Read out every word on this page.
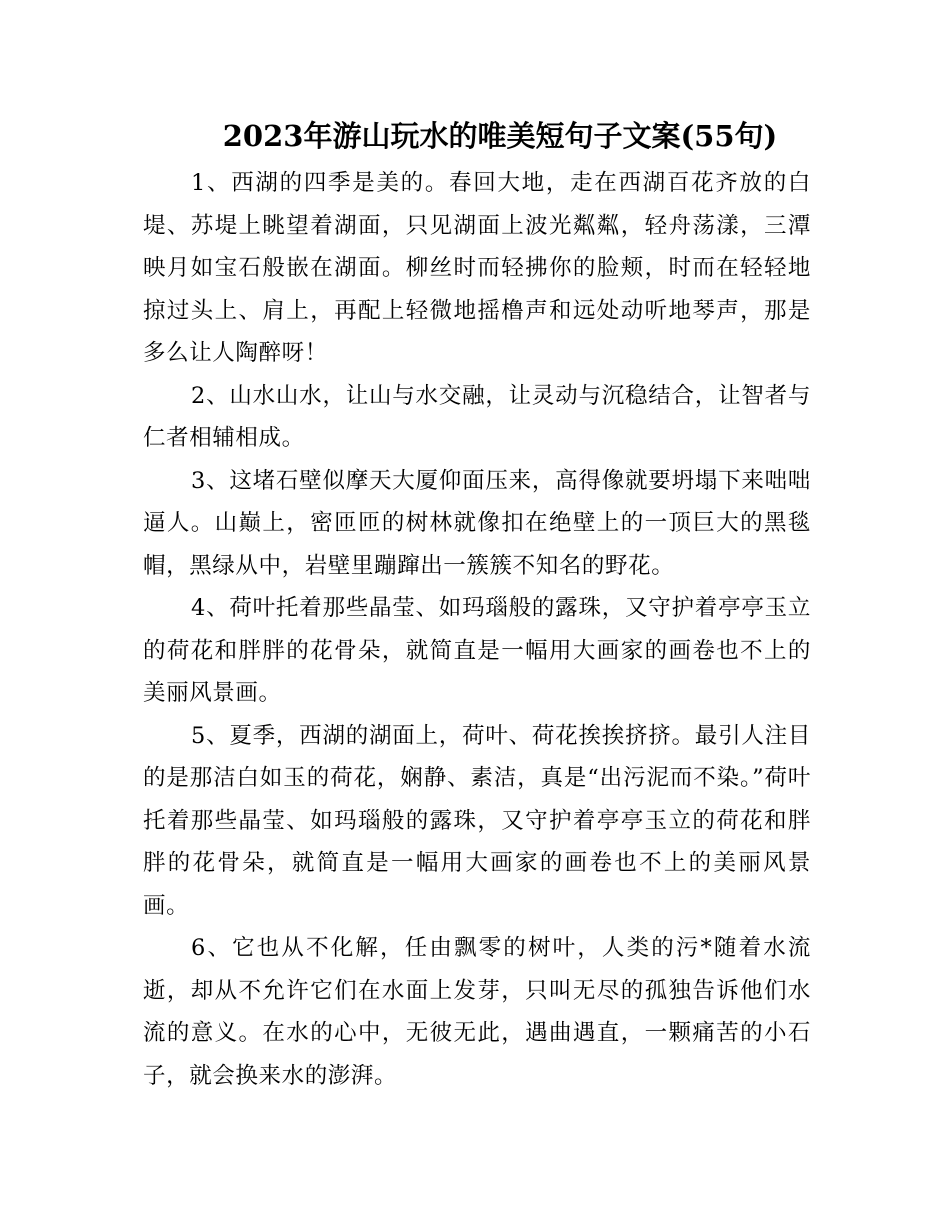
2023年游山玩水的唯美短句子文案(55句)

1、西湖的四季是美的。春回大地，走在西湖百花齐放的白堤、苏堤上眺望着湖面，只见湖面上波光粼粼，轻舟荡漾，三潭映月如宝石般嵌在湖面。柳丝时而轻拂你的脸颊，时而在轻轻地掠过头上、肩上，再配上轻微地摇橹声和远处动听地琴声，那是多么让人陶醉呀！

2、山水山水，让山与水交融，让灵动与沉稳结合，让智者与仁者相辅相成。

3、这堵石壁似摩天大厦仰面压来，高得像就要坍塌下来咄咄逼人。山巅上，密匝匝的树林就像扣在绝壁上的一顶巨大的黑毯帽，黑绿从中，岩壁里蹦蹿出一簇簇不知名的野花。

4、荷叶托着那些晶莹、如玛瑙般的露珠，又守护着亭亭玉立的荷花和胖胖的花骨朵，就简直是一幅用大画家的画卷也不上的美丽风景画。

5、夏季，西湖的湖面上，荷叶、荷花挨挨挤挤。最引人注目的是那洁白如玉的荷花，娴静、素洁，真是“出污泥而不染。”荷叶托着那些晶莹、如玛瑙般的露珠，又守护着亭亭玉立的荷花和胖胖的花骨朵，就简直是一幅用大画家的画卷也不上的美丽风景画。

6、它也从不化解，任由飘零的树叶，人类的污*随着水流逝，却从不允许它们在水面上发芽，只叫无尽的孤独告诉他们水流的意义。在水的心中，无彼无此，遇曲遇直，一颗痛苦的小石子，就会换来水的澎湃。
